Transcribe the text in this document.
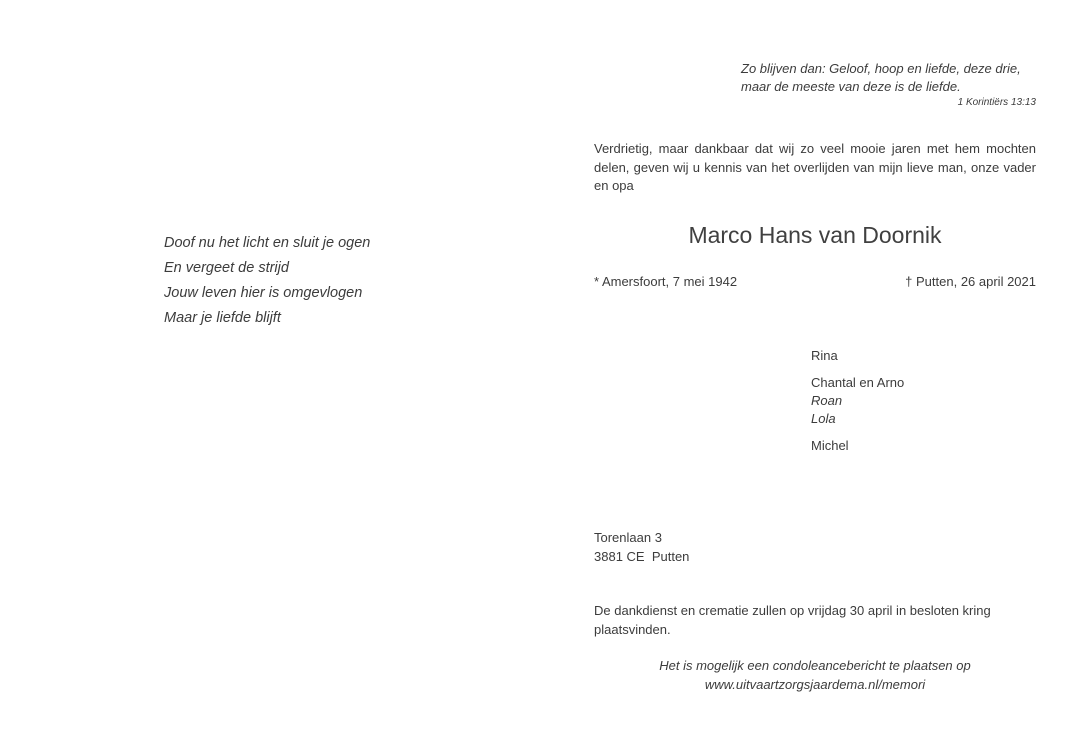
Doof nu het licht en sluit je ogen
En vergeet de strijd
Jouw leven hier is omgevlogen
Maar je liefde blijft
Zo blijven dan: Geloof, hoop en liefde, deze drie,
maar de meeste van deze is de liefde.
1 Korintiërs 13:13
Verdrietig, maar dankbaar dat wij zo veel mooie jaren met hem mochten delen, geven wij u kennis van het overlijden van mijn lieve man, onze vader en opa
Marco Hans van Doornik
* Amersfoort, 7 mei 1942	† Putten, 26 april 2021
Rina
Chantal en Arno
Roan
Lola
Michel
Torenlaan 3
3881 CE  Putten
De dankdienst en crematie zullen op vrijdag 30 april in besloten kring plaatsvinden.
Het is mogelijk een condoleancebericht te plaatsen op
www.uitvaartzorgsjaardema.nl/memori
